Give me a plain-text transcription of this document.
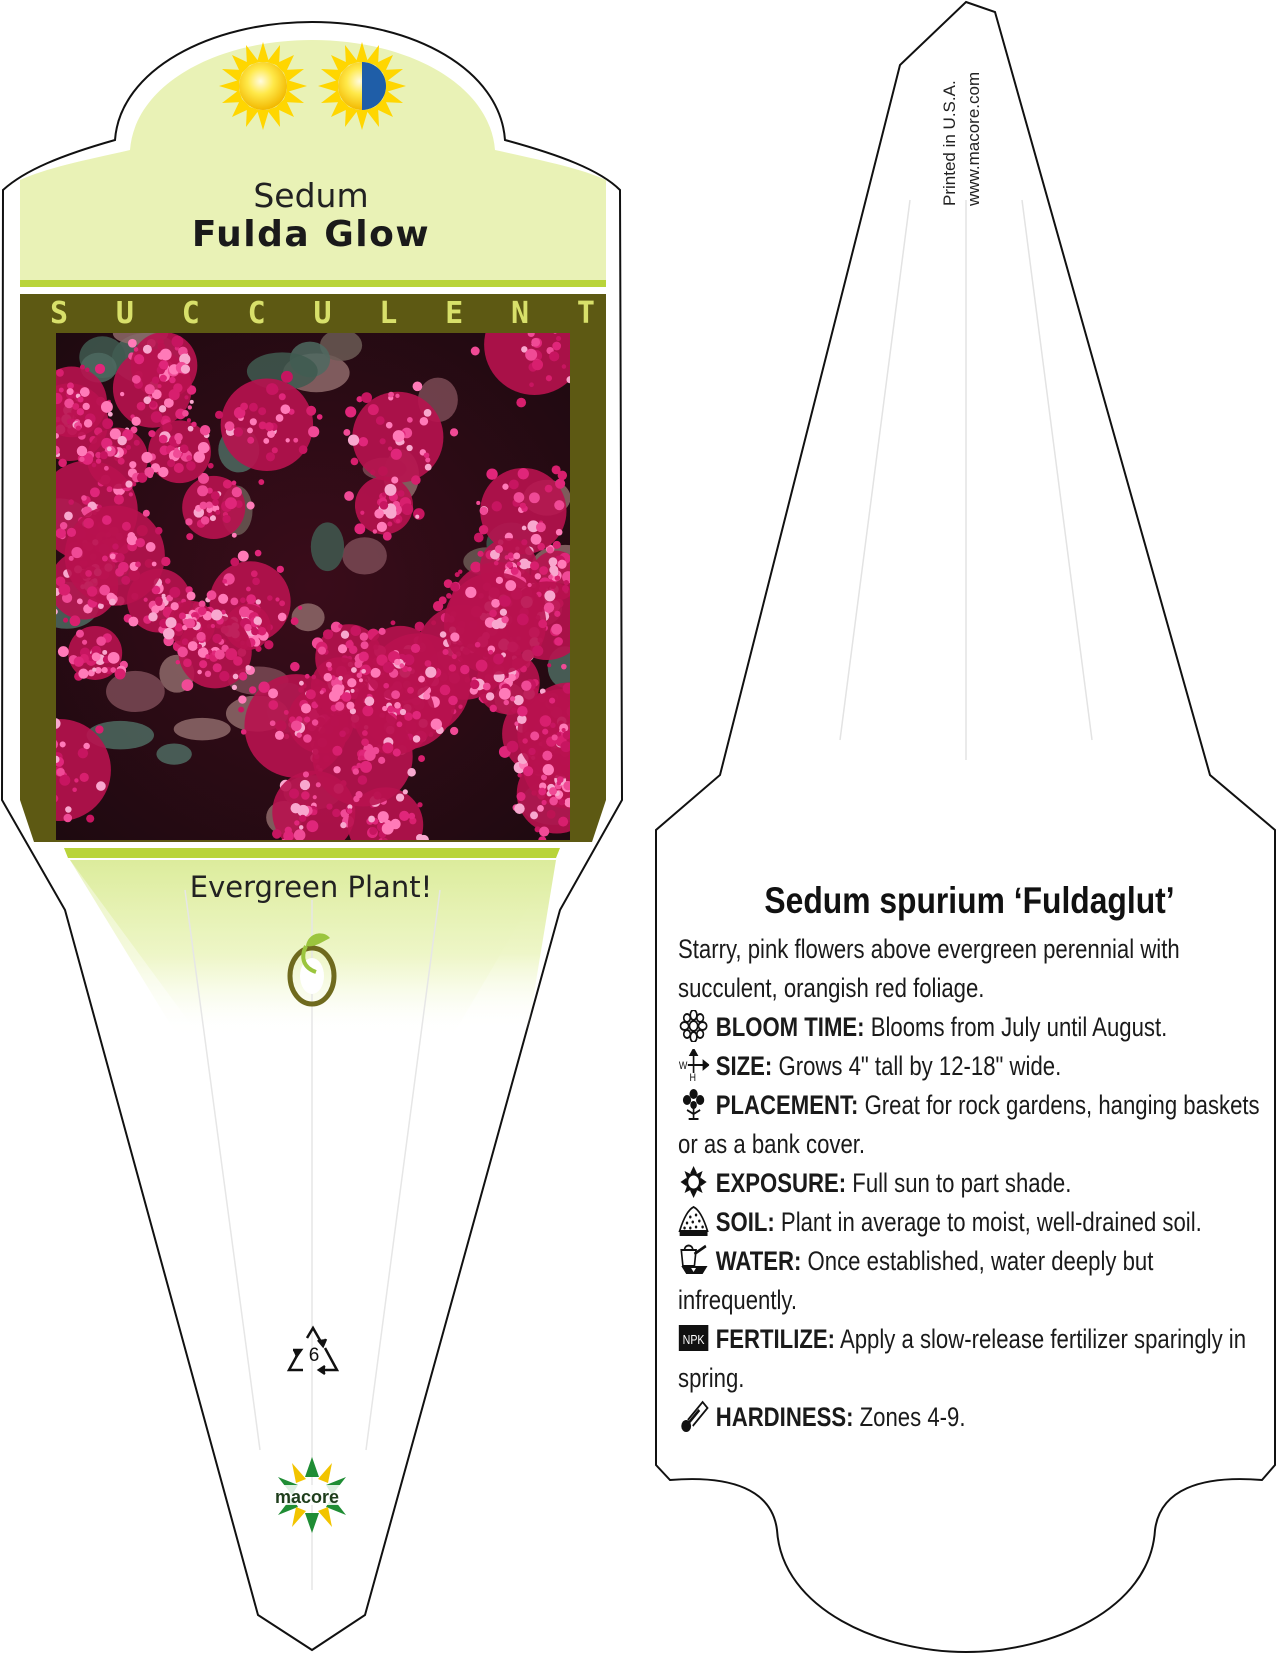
Sedum
Fulda Glow
S U C C U L E N T
Evergreen Plant!
6
macore
Printed in U.S.A. www.macore.com
Sedum spurium ‘Fuldaglut’

Starry, pink flowers above evergreen perennial with succulent, orangish red foliage.

BLOOM TIME: Blooms from July until August.

W
H SIZE: Grows 4" tall by 12-18" wide.

PLACEMENT: Great for rock gardens, hanging baskets or as a bank cover.

EXPOSURE: Full sun to part shade.

SOIL: Plant in average to moist, well-drained soil.

WATER: Once established, water deeply but infrequently.

NPK FERTILIZE: Apply a slow-release fertilizer sparingly in spring.

HARDINESS: Zones 4-9.
